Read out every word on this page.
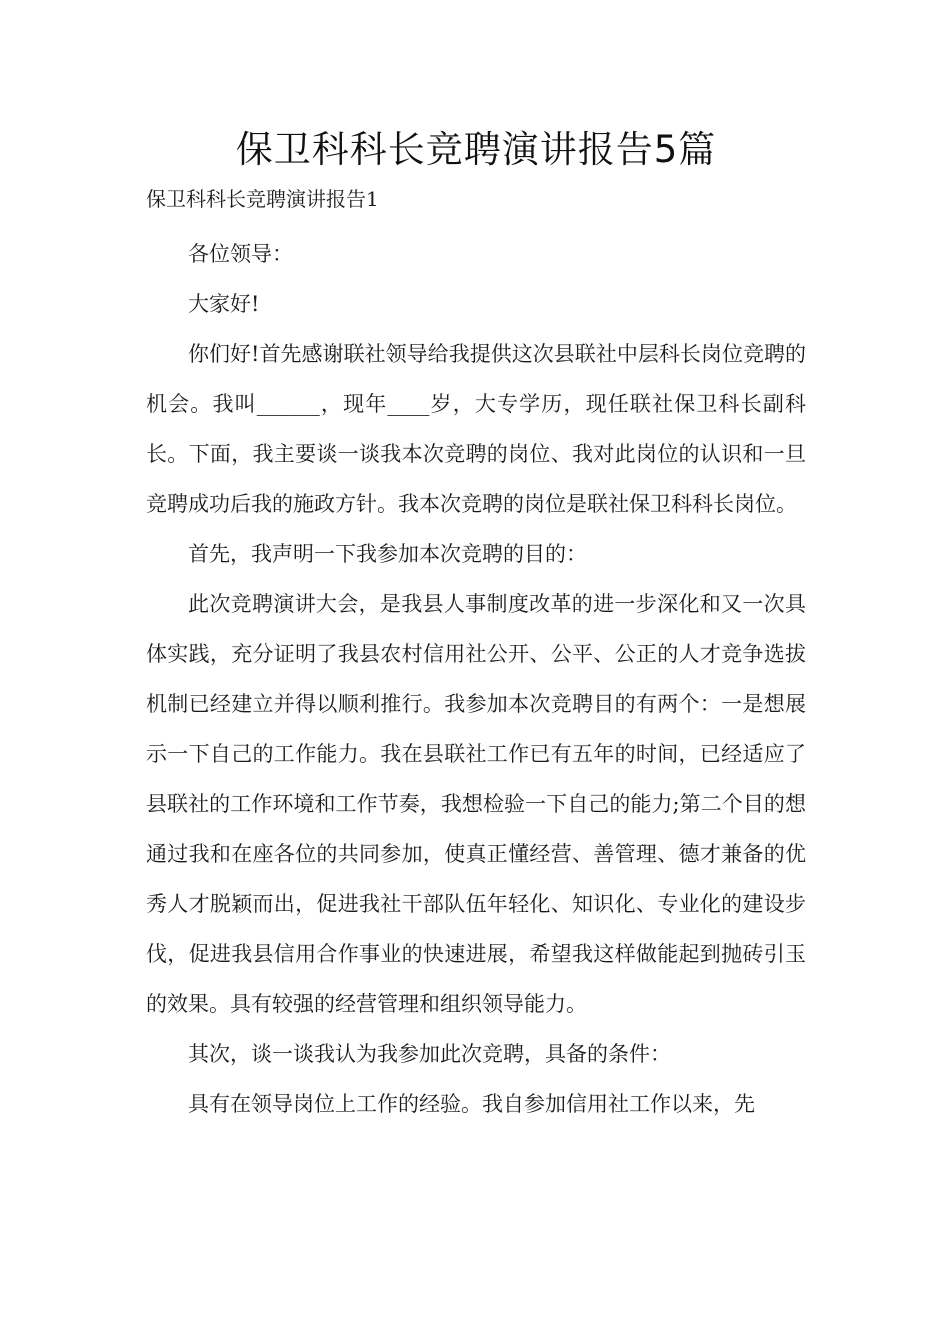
保卫科科长竞聘演讲报告5篇

保卫科科长竞聘演讲报告1

各位领导：

大家好!

你们好!首先感谢联社领导给我提供这次县联社中层科长岗位竞聘的机会。我叫______，现年____岁，大专学历，现任联社保卫科长副科长。下面，我主要谈一谈我本次竞聘的岗位、我对此岗位的认识和一旦竞聘成功后我的施政方针。我本次竞聘的岗位是联社保卫科科长岗位。

首先，我声明一下我参加本次竞聘的目的：

此次竞聘演讲大会，是我县人事制度改革的进一步深化和又一次具体实践，充分证明了我县农村信用社公开、公平、公正的人才竞争选拔机制已经建立并得以顺利推行。我参加本次竞聘目的有两个：一是想展示一下自己的工作能力。我在县联社工作已有五年的时间，已经适应了县联社的工作环境和工作节奏，我想检验一下自己的能力;第二个目的想通过我和在座各位的共同参加，使真正懂经营、善管理、德才兼备的优秀人才脱颖而出，促进我社干部队伍年轻化、知识化、专业化的建设步伐，促进我县信用合作事业的快速进展，希望我这样做能起到抛砖引玉的效果。具有较强的经营管理和组织领导能力。

其次，谈一谈我认为我参加此次竞聘，具备的条件：

具有在领导岗位上工作的经验。我自参加信用社工作以来，先
